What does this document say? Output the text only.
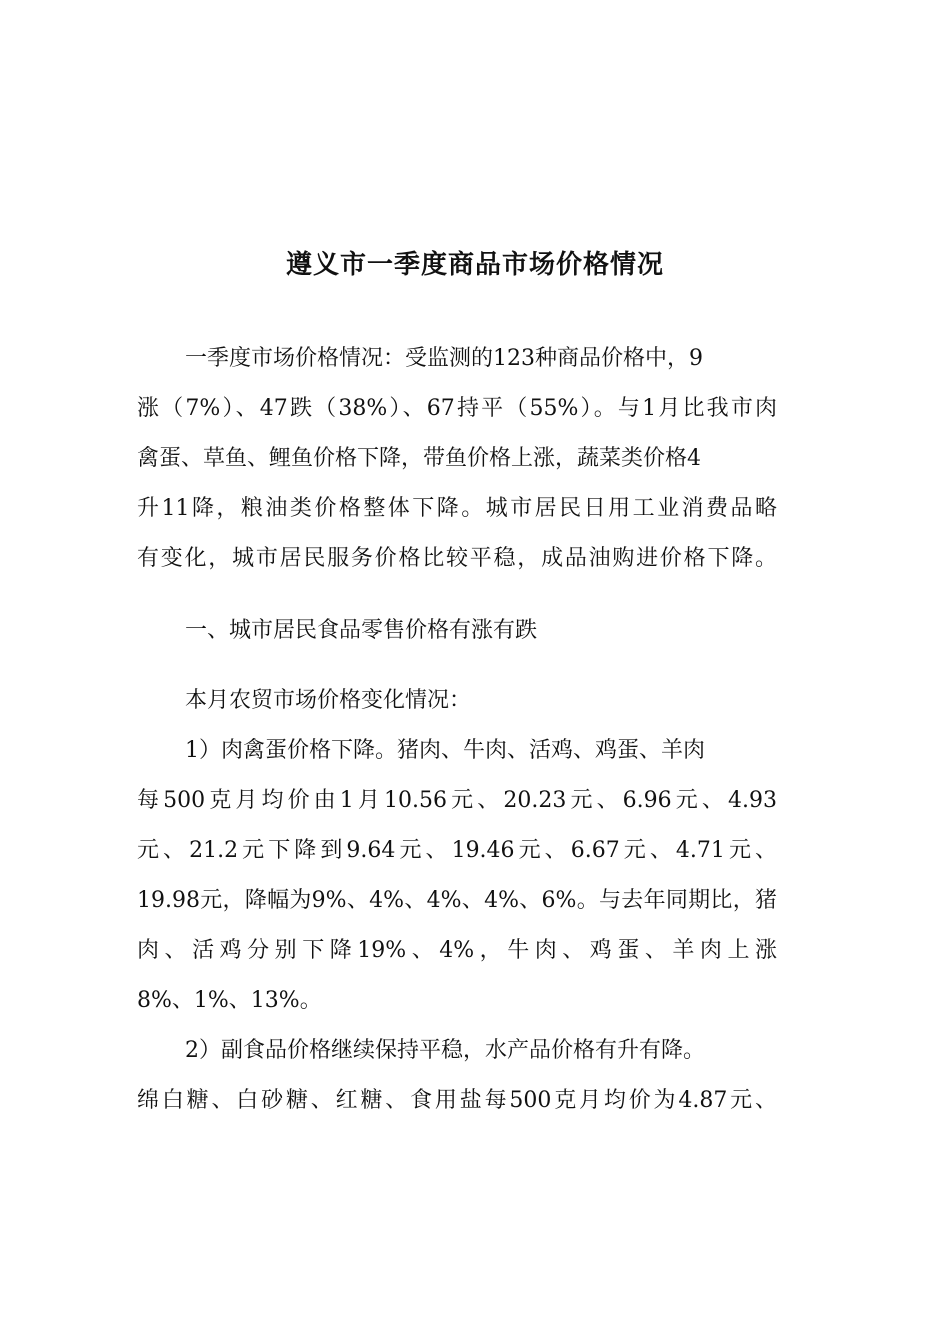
遵义市一季度商品市场价格情况
一季度市场价格情况：受监测的123种商品价格中，9
涨（7%）、47跌（38%）、67持平（55%）。与1月比我市肉
禽蛋、草鱼、鲤鱼价格下降，带鱼价格上涨，蔬菜类价格4
升11降，粮油类价格整体下降。城市居民日用工业消费品略
有变化，城市居民服务价格比较平稳，成品油购进价格下降。
一、城市居民食品零售价格有涨有跌
本月农贸市场价格变化情况：
1）肉禽蛋价格下降。猪肉、牛肉、活鸡、鸡蛋、羊肉
每500克月均价由1月10.56元、20.23元、6.96元、4.93
元、21.2元下降到9.64元、19.46元、6.67元、4.71元、
19.98元，降幅为9%、4%、4%、4%、6%。与去年同期比，猪
肉、活鸡分别下降19%、4%，牛肉、鸡蛋、羊肉上涨
8%、1%、13%。
2）副食品价格继续保持平稳，水产品价格有升有降。
绵白糖、白砂糖、红糖、食用盐每500克月均价为4.87元、
